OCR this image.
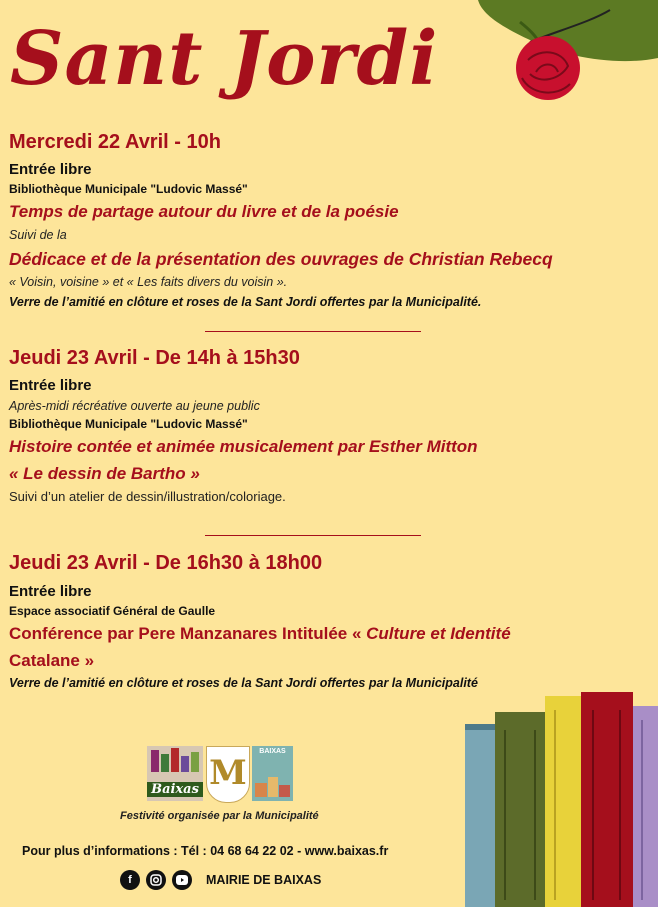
Sant Jordi
Mercredi 22 Avril - 10h
Entrée libre
Bibliothèque Municipale "Ludovic Massé"
Temps de partage autour du livre et de la poésie
Suivi de la
Dédicace et de la présentation des ouvrages de Christian Rebecq
« Voisin, voisine » et « Les faits divers du voisin ».
Verre de l’amitié en clôture et roses de la Sant Jordi offertes par la Municipalité.
Jeudi 23 Avril - De 14h à 15h30
Entrée libre
Après-midi récréative ouverte au jeune public
Bibliothèque Municipale "Ludovic Massé"
Histoire contée et animée musicalement par Esther Mitton
« Le dessin de Bartho »
Suivi d’un atelier de dessin/illustration/coloriage.
Jeudi 23 Avril - De 16h30 à 18h00
Entrée libre
Espace associatif Général de Gaulle
Conférence par Pere Manzanares Intitulée « Culture et Identité
Catalane »
Verre de l’amitié en clôture et roses de la Sant Jordi offertes par la Municipalité
Baixas M
BAIXAS
Festivité organisée par la Municipalité
Pour plus d’informations : Tél : 04 68 64 22 02 - www.baixas.fr
f	MAIRIE DE BAIXAS
